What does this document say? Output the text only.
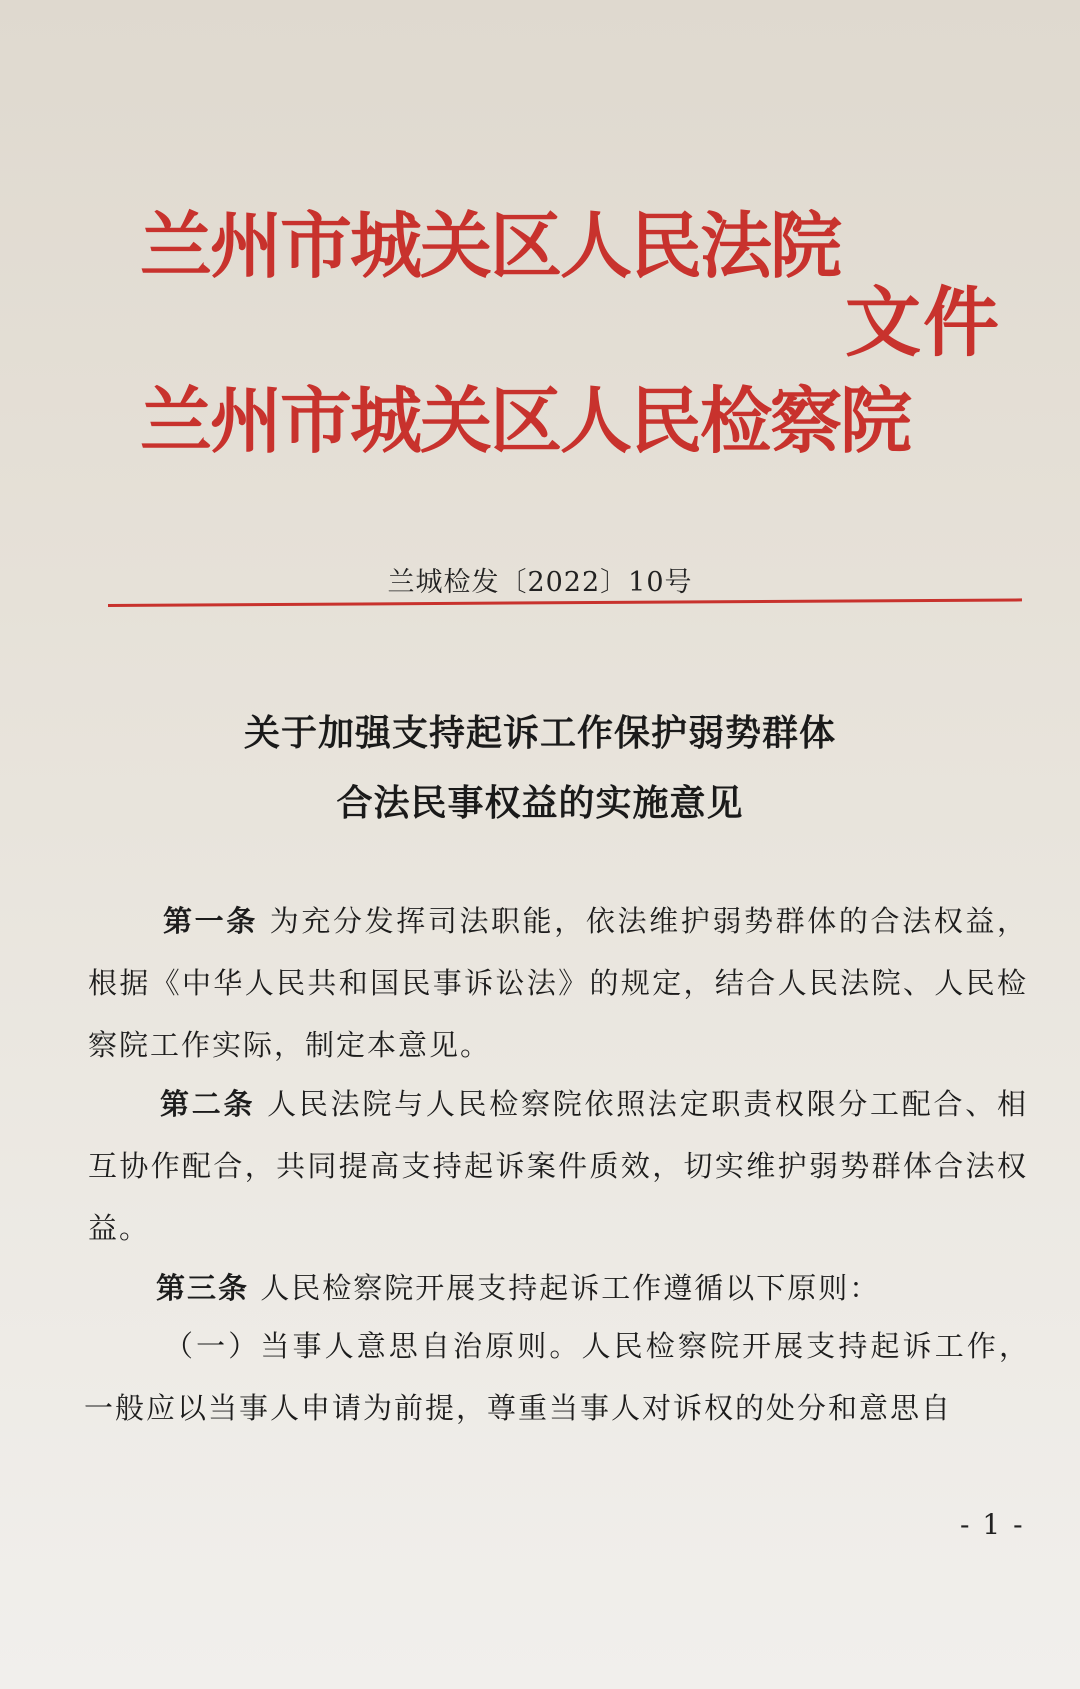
兰州市城关区人民法院
兰州市城关区人民检察院
文件
兰城检发〔2022〕10号
关于加强支持起诉工作保护弱势群体
合法民事权益的实施意见
第一条 为充分发挥司法职能，依法维护弱势群体的合法权益，根据《中华人民共和国民事诉讼法》的规定，结合人民法院、人民检察院工作实际，制定本意见。
第二条 人民法院与人民检察院依照法定职责权限分工配合、相互协作配合，共同提高支持起诉案件质效，切实维护弱势群体合法权益。
第三条 人民检察院开展支持起诉工作遵循以下原则：
（一）当事人意思自治原则。人民检察院开展支持起诉工作，一般应以当事人申请为前提，尊重当事人对诉权的处分和意思自
- 1 -
